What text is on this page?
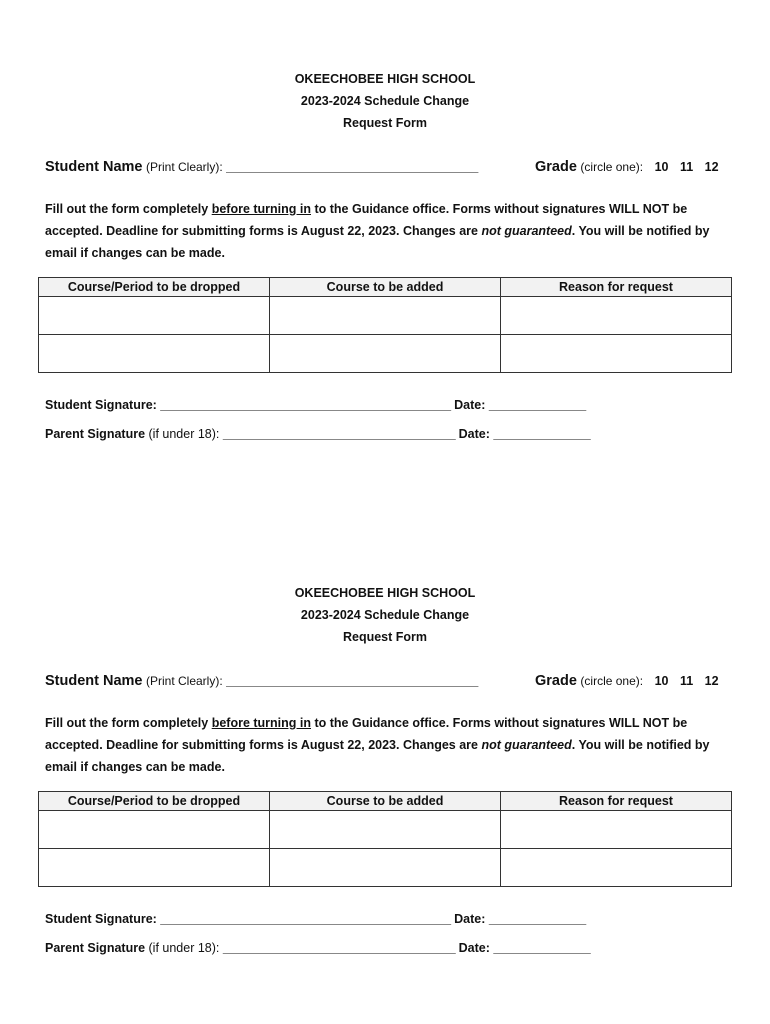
OKEECHOBEE HIGH SCHOOL
2023-2024 Schedule Change
Request Form
Student Name (Print Clearly): _______________________________________	Grade (circle one): 10 11 12
Fill out the form completely before turning in to the Guidance office. Forms without signatures WILL NOT be accepted. Deadline for submitting forms is August 22, 2023. Changes are not guaranteed. You will be notified by email if changes can be made.
Course/Period to be dropped	Course to be added	Reason for request

Student Signature: _____________________________________________ Date: _______________
Parent Signature (if under 18): ____________________________________ Date: _______________
OKEECHOBEE HIGH SCHOOL
2023-2024 Schedule Change
Request Form
Student Name (Print Clearly): _______________________________________	Grade (circle one): 10 11 12
Fill out the form completely before turning in to the Guidance office. Forms without signatures WILL NOT be accepted. Deadline for submitting forms is August 22, 2023. Changes are not guaranteed. You will be notified by email if changes can be made.
Course/Period to be dropped	Course to be added	Reason for request

Student Signature: _____________________________________________ Date: _______________
Parent Signature (if under 18): ____________________________________ Date: _______________
